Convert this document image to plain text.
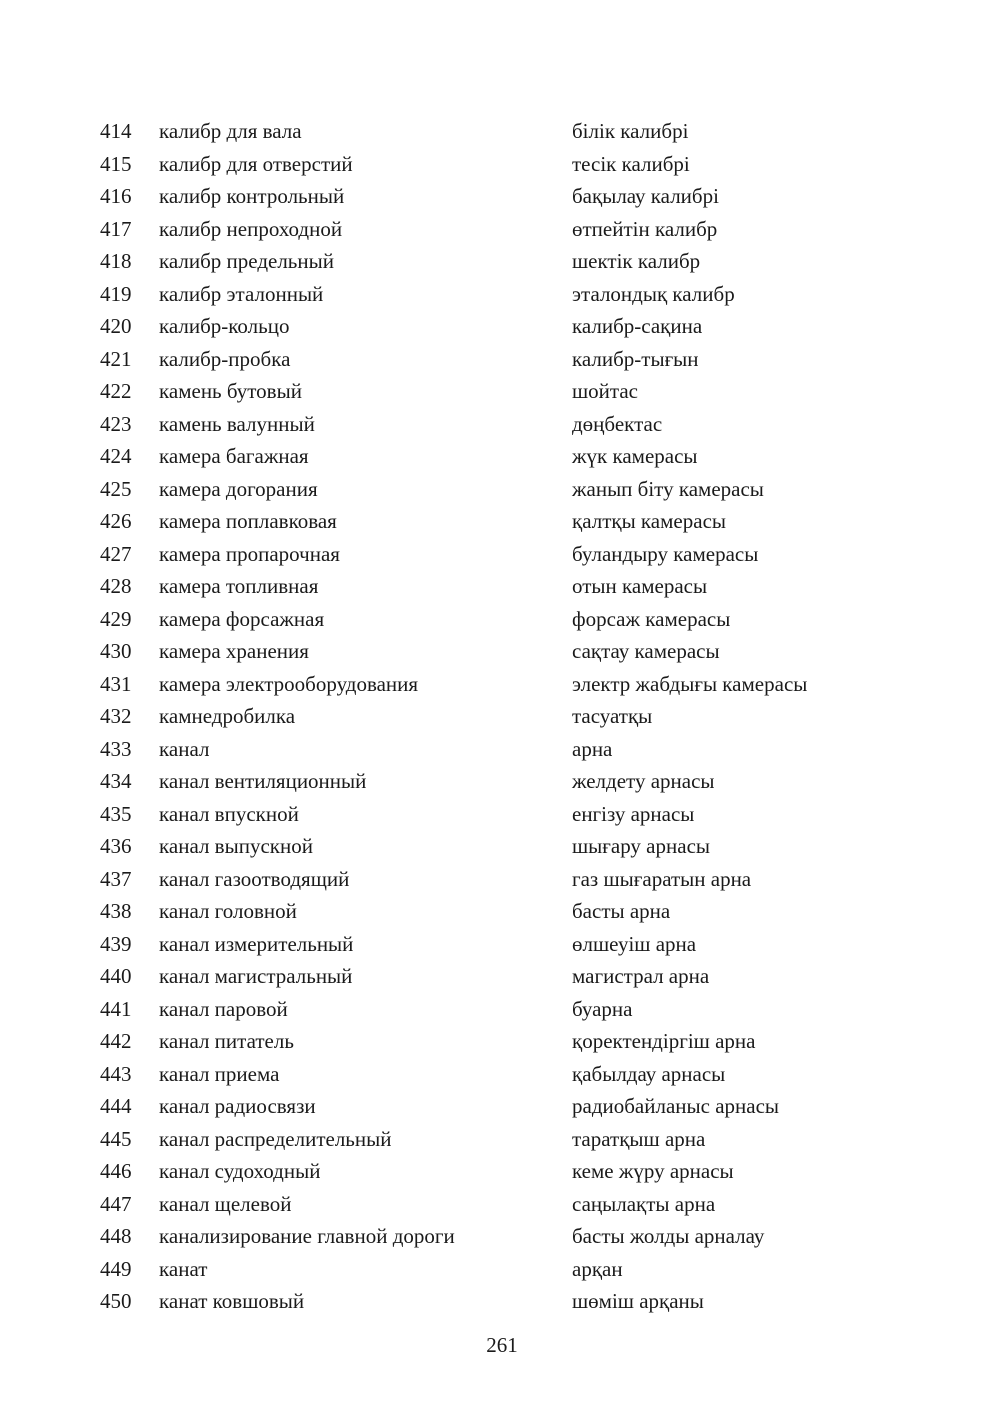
414 калибр для вала	білік калибрі
415 калибр для отверстий	тесік калибрі
416 калибр контрольный	бақылау калибрі
417 калибр непроходной	өтпейтін калибр
418 калибр предельный	шектік калибр
419 калибр эталонный	эталондық калибр
420 калибр-кольцо	калибр-сақина
421 калибр-пробка	калибр-тығын
422 камень бутовый	шойтас
423 камень валунный	дөңбектас
424 камера багажная	жүк камерасы
425 камера догорания	жанып біту камерасы
426 камера поплавковая	қалтқы камерасы
427 камера пропарочная	буландыру камерасы
428 камера топливная	отын камерасы
429 камера форсажная	форсаж камерасы
430 камера хранения	сақтау камерасы
431 камера электрооборудования	электр жабдығы камерасы
432 камнедробилка	тасуатқы
433 канал	арна
434 канал вентиляционный	желдету арнасы
435 канал впускной	енгізу арнасы
436 канал выпускной	шығару арнасы
437 канал газоотводящий	газ шығаратын арна
438 канал головной	басты арна
439 канал измерительный	өлшеуіш арна
440 канал магистральный	магистрал арна
441 канал паровой	буарна
442 канал питатель	қоректендіргіш арна
443 канал приема	қабылдау арнасы
444 канал радиосвязи	радиобайланыс арнасы
445 канал распределительный	таратқыш арна
446 канал судоходный	кеме жүру арнасы
447 канал щелевой	саңылақты арна
448 канализирование главной дороги	басты жолды арналау
449 канат	арқан
450 канат ковшовый	шөміш арқаны
261
